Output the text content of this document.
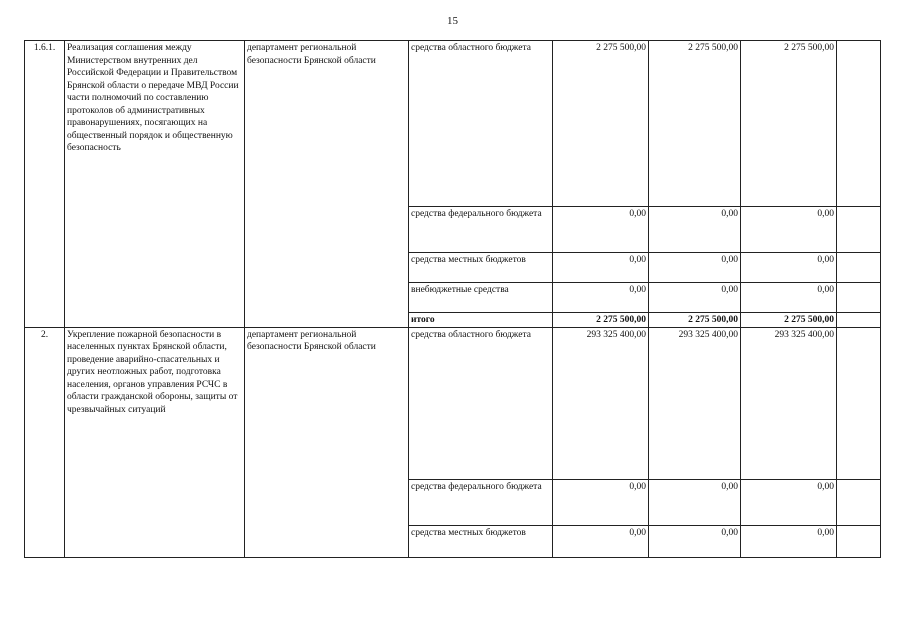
15
1.6.1.	Реализация соглашения между Министерством внутренних дел Российской Федерации и Правительством Брянской области о передаче МВД России части полномочий по составлению протоколов об административных правонарушениях, посягающих на общественный порядок и общественную безопасность	департамент региональной безопасности Брянской области	средства областного бюджета	2 275 500,00	2 275 500,00	2 275 500,00	
			средства федерального бюджета	0,00	0,00	0,00	
			средства местных бюджетов	0,00	0,00	0,00	
			внебюджетные средства	0,00	0,00	0,00	
			итого	2 275 500,00	2 275 500,00	2 275 500,00	
2.	Укрепление пожарной безопасности в населенных пунктах Брянской области, проведение аварийно-спасательных и других неотложных работ, подготовка населения, органов управления РСЧС в области гражданской обороны, защиты от чрезвычайных ситуаций	департамент региональной безопасности Брянской области	средства областного бюджета	293 325 400,00	293 325 400,00	293 325 400,00	
			средства федерального бюджета	0,00	0,00	0,00	
			средства местных бюджетов	0,00	0,00	0,00	
